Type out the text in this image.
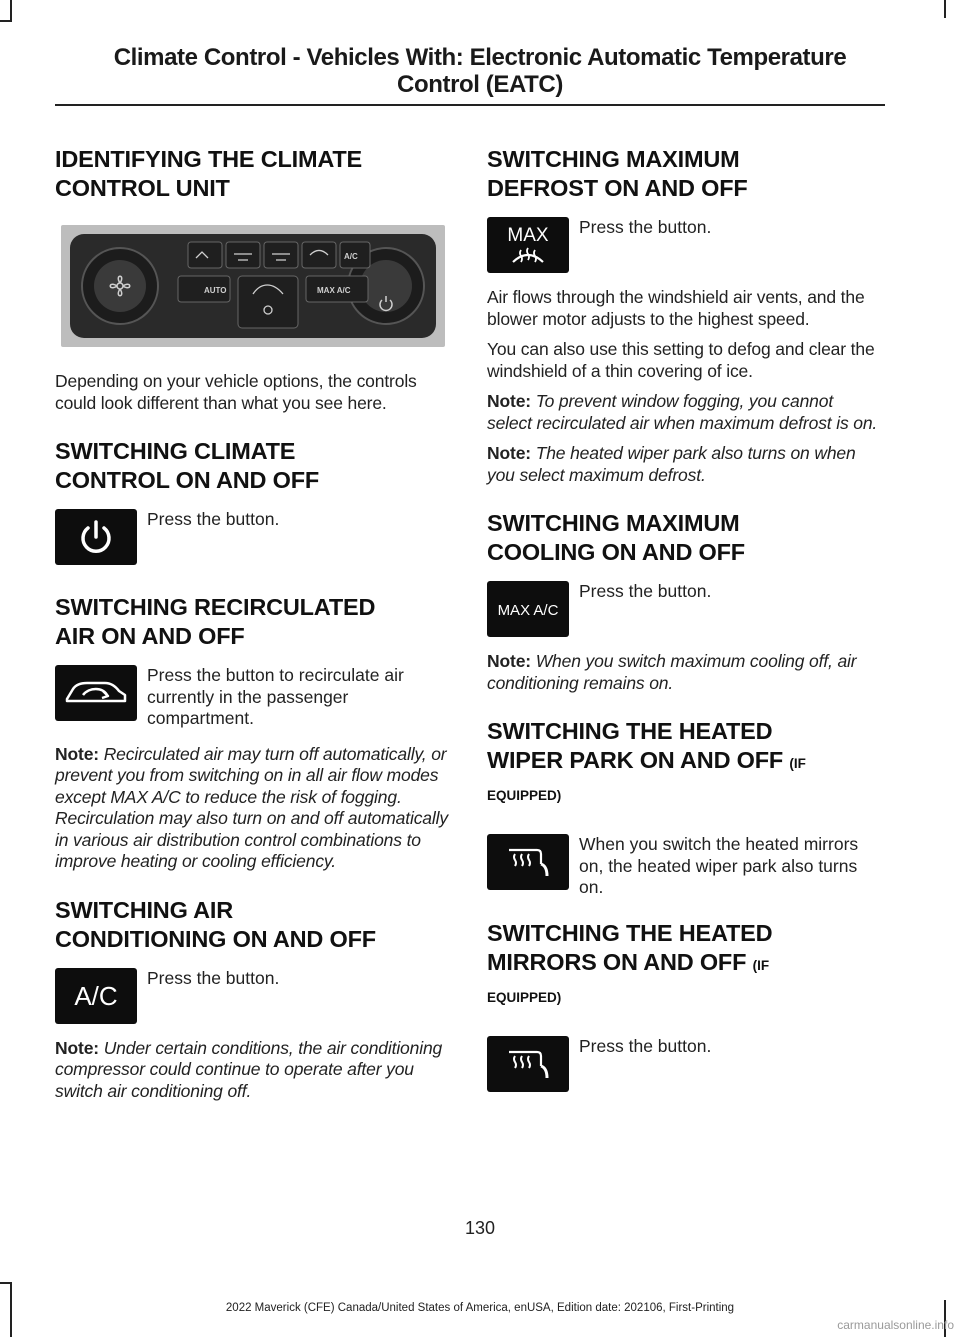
Climate Control - Vehicles With: Electronic Automatic Temperature
Control (EATC)
IDENTIFYING THE CLIMATE
CONTROL UNIT
AUTO
A/C
MAX A/C

Depending on your vehicle options, the controls could look different than what you see here.

SWITCHING CLIMATE
CONTROL ON AND OFF
Press the button.
SWITCHING RECIRCULATED
AIR ON AND OFF
Press the button to recirculate air currently in the passenger compartment.

Note: Recirculated air may turn off automatically, or prevent you from switching on in all air flow modes except MAX A/C to reduce the risk of fogging. Recirculation may also turn on and off automatically in various air distribution control combinations to improve heating or cooling efficiency.

SWITCHING AIR
CONDITIONING ON AND OFF
A/C
Press the button.

Note: Under certain conditions, the air conditioning compressor could continue to operate after you switch air conditioning off.

SWITCHING MAXIMUM
DEFROST ON AND OFF
MAX Press the button.

Air flows through the windshield air vents, and the blower motor adjusts to the highest speed.

You can also use this setting to defog and clear the windshield of a thin covering of ice.

Note: To prevent window fogging, you cannot select recirculated air when maximum defrost is on.

Note: The heated wiper park also turns on when you select maximum defrost.

SWITCHING MAXIMUM
COOLING ON AND OFF
MAX A/C
Press the button.

Note: When you switch maximum cooling off, air conditioning remains on.

SWITCHING THE HEATED
WIPER PARK ON AND OFF (IF
EQUIPPED)
When you switch the heated mirrors on, the heated wiper park also turns on.
SWITCHING THE HEATED
MIRRORS ON AND OFF (IF
EQUIPPED)
Press the button.
130
2022 Maverick (CFE) Canada/United States of America, enUSA, Edition date: 202106, First-Printing
carmanualsonline.info
